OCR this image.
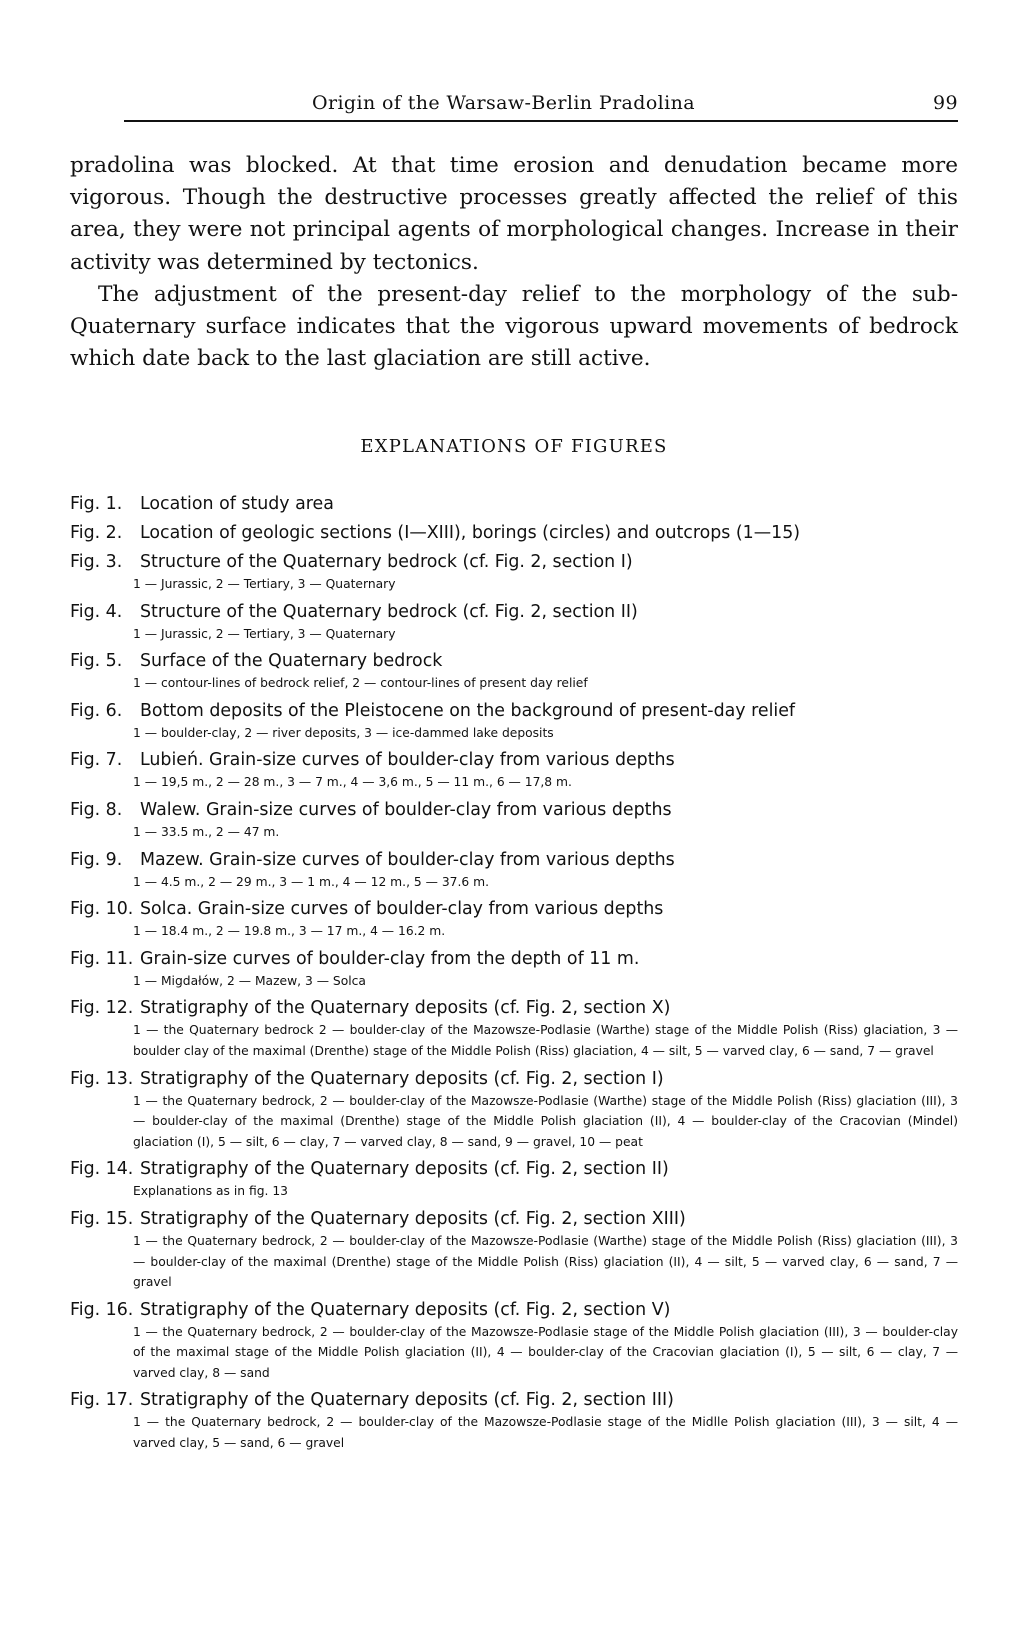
Origin of the Warsaw-Berlin Pradolina	99

pradolina was blocked. At that time erosion and denudation became more vigorous. Though the destructive processes greatly affected the relief of this area, they were not principal agents of morphological changes. Increase in their activity was determined by tectonics.

The adjustment of the present-day relief to the morphology of the sub-Quaternary surface indicates that the vigorous upward movements of bedrock which date back to the last glaciation are still active.

EXPLANATIONS OF FIGURES
Fig. 1.	Location of study area
Fig. 2.	Location of geologic sections (I—XIII), borings (circles) and outcrops (1—15)
Fig. 3.	Structure of the Quaternary bedrock (cf. Fig. 2, section I)
1 — Jurassic, 2 — Tertiary, 3 — Quaternary
Fig. 4.	Structure of the Quaternary bedrock (cf. Fig. 2, section II)
1 — Jurassic, 2 — Tertiary, 3 — Quaternary
Fig. 5.	Surface of the Quaternary bedrock
1 — contour-lines of bedrock relief, 2 — contour-lines of present day relief
Fig. 6.	Bottom deposits of the Pleistocene on the background of present-day relief
1 — boulder-clay, 2 — river deposits, 3 — ice-dammed lake deposits
Fig. 7.	Lubień. Grain-size curves of boulder-clay from various depths
1 — 19,5 m., 2 — 28 m., 3 — 7 m., 4 — 3,6 m., 5 — 11 m., 6 — 17,8 m.
Fig. 8.	Walew. Grain-size curves of boulder-clay from various depths
1 — 33.5 m., 2 — 47 m.
Fig. 9.	Mazew. Grain-size curves of boulder-clay from various depths
1 — 4.5 m., 2 — 29 m., 3 — 1 m., 4 — 12 m., 5 — 37.6 m.
Fig. 10. Solca. Grain-size curves of boulder-clay from various depths
1 — 18.4 m., 2 — 19.8 m., 3 — 17 m., 4 — 16.2 m.
Fig. 11. Grain-size curves of boulder-clay from the depth of 11 m.
1 — Migdałów, 2 — Mazew, 3 — Solca
Fig. 12. Stratigraphy of the Quaternary deposits (cf. Fig. 2, section X)
1 — the Quaternary bedrock 2 — boulder-clay of the Mazowsze-Podlasie (Warthe) stage of the Middle Polish (Riss) glaciation, 3 — boulder clay of the maximal (Drenthe) stage of the Middle Polish (Riss) glaciation, 4 — silt, 5 — varved clay, 6 — sand, 7 — gravel
Fig. 13. Stratigraphy of the Quaternary deposits (cf. Fig. 2, section I)
1 — the Quaternary bedrock, 2 — boulder-clay of the Mazowsze-Podlasie (Warthe) stage of the Middle Polish (Riss) glaciation (III), 3 — boulder-clay of the maximal (Drenthe) stage of the Middle Polish glaciation (II), 4 — boulder-clay of the Cracovian (Mindel) glaciation (I), 5 — silt, 6 — clay, 7 — varved clay, 8 — sand, 9 — gravel, 10 — peat
Fig. 14. Stratigraphy of the Quaternary deposits (cf. Fig. 2, section II)
Explanations as in fig. 13
Fig. 15. Stratigraphy of the Quaternary deposits (cf. Fig. 2, section XIII)
1 — the Quaternary bedrock, 2 — boulder-clay of the Mazowsze-Podlasie (Warthe) stage of the Middle Polish (Riss) glaciation (III), 3 — boulder-clay of the maximal (Drenthe) stage of the Middle Polish (Riss) glaciation (II), 4 — silt, 5 — varved clay, 6 — sand, 7 — gravel
Fig. 16. Stratigraphy of the Quaternary deposits (cf. Fig. 2, section V)
1 — the Quaternary bedrock, 2 — boulder-clay of the Mazowsze-Podlasie stage of the Middle Polish glaciation (III), 3 — boulder-clay of the maximal stage of the Middle Polish glaciation (II), 4 — boulder-clay of the Cracovian glaciation (I), 5 — silt, 6 — clay, 7 — varved clay, 8 — sand
Fig. 17. Stratigraphy of the Quaternary deposits (cf. Fig. 2, section III)
1 — the Quaternary bedrock, 2 — boulder-clay of the Mazowsze-Podlasie stage of the Midlle Polish glaciation (III), 3 — silt, 4 — varved clay, 5 — sand, 6 — gravel
